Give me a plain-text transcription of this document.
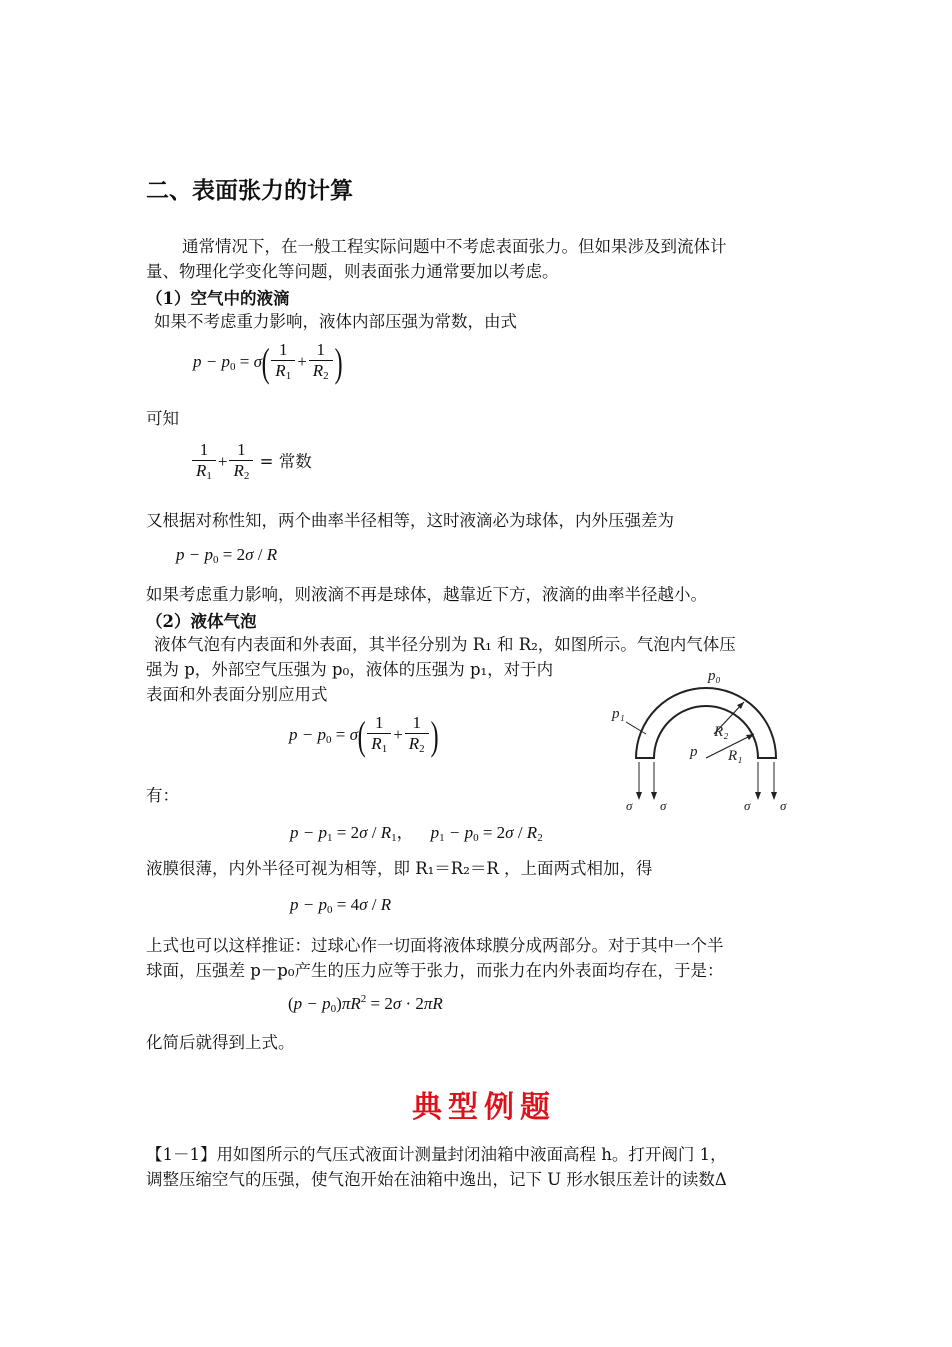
二、表面张力的计算
通常情况下，在一般工程实际问题中不考虑表面张力。但如果涉及到流体计
量、物理化学变化等问题，则表面张力通常要加以考虑。
（1）空气中的液滴
如果不考虑重力影响，液体内部压强为常数，由式
$p - p0 = \sigma( \frac{1}{R1} + \frac{1}{R2}$ )
可知
$\frac{1}{R1} + \frac{1}{R2}$ = 常数
又根据对称性知，两个曲率半径相等，这时液滴必为球体，内外压强差为
p − p0 = 2σ / R
如果考虑重力影响，则液滴不再是球体，越靠近下方，液滴的曲率半径越小。
（2）液体气泡
液体气泡有内表面和外表面，其半径分别为 R₁ 和 R₂，如图所示。气泡内气体压
强为 p，外部空气压强为 p₀，液体的压强为 p₁，对于内
表面和外表面分别应用式
$p - p0 = \sigma( \frac{1}{R1} + \frac{1}{R2}$ )
有：
p₀
p₁
R₂
p R₁
σ σ	σ σ
p − p1 = 2σ / R1，    p1 − p0 = 2σ / R2
液膜很薄，内外半径可视为相等，即 R₁＝R₂＝R ，上面两式相加，得
p − p0 = 4σ / R
上式也可以这样推证：过球心作一切面将液体球膜分成两部分。对于其中一个半
球面，压强差 p－p₀产生的压力应等于张力，而张力在内外表面均存在，于是：
$(p - p0)\pi R^2 = 2\sigma \cdot 2\pi R$
化简后就得到上式。
典型例题
【1－1】用如图所示的气压式液面计测量封闭油箱中液面高程 h。打开阀门 1，
调整压缩空气的压强，使气泡开始在油箱中逸出，记下 U 形水银压差计的读数Δ
